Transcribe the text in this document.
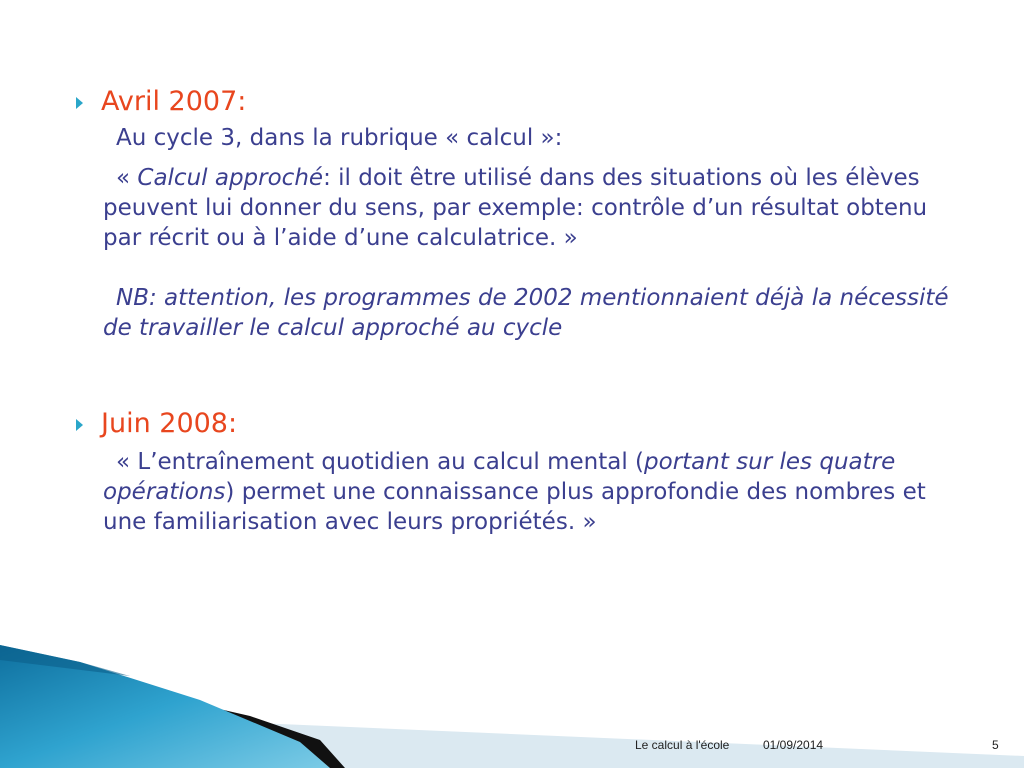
Avril 2007:

Au cycle 3, dans la rubrique « calcul »:

« Calcul approché: il doit être utilisé dans des situations où les élèves peuvent lui donner du sens, par exemple: contrôle d’un résultat obtenu par récrit ou à l’aide d’une calculatrice. »

NB: attention, les programmes de 2002 mentionnaient déjà la nécessité de travailler le calcul approché au cycle

Juin 2008:

« L’entraînement quotidien au calcul mental (portant sur les quatre opérations) permet une connaissance plus approfondie des nombres et une familiarisation avec leurs propriétés. »

Le calcul à l'école	01/09/2014	5
